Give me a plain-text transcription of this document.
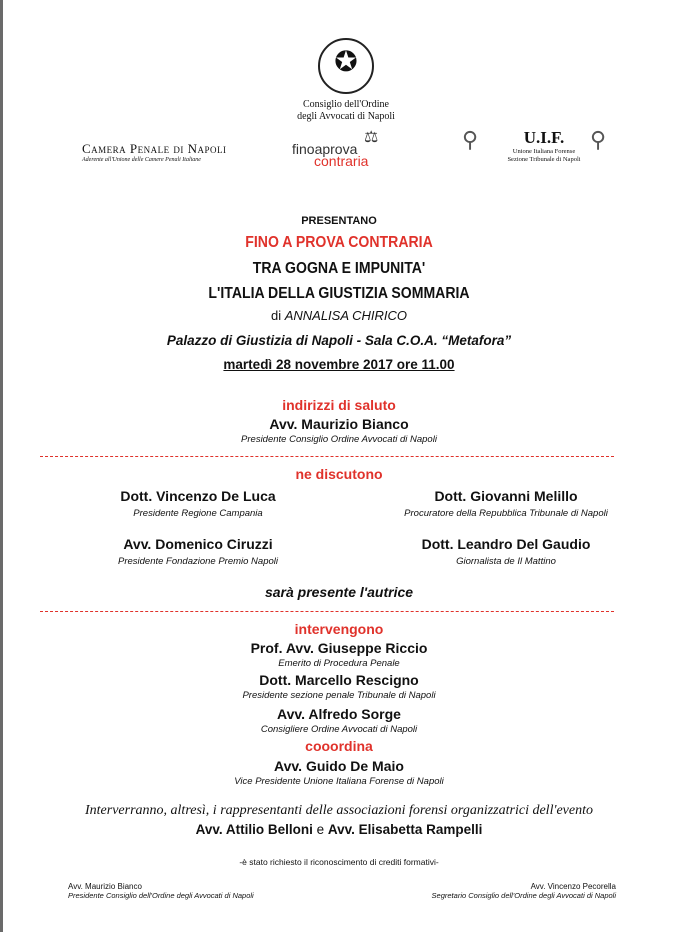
✪
Consiglio dell'Ordine
degli Avvocati di Napoli
Camera Penale di Napoli
Aderente all'Unione delle Camere Penali Italiane
⚖
finoaprova
contraria
⚲	U.I.F.
Unione Italiana Forense
Sezione Tribunale di Napoli
⚲
PRESENTANO
FINO A PROVA CONTRARIA
TRA GOGNA E IMPUNITA'
L'ITALIA DELLA GIUSTIZIA SOMMARIA
di ANNALISA CHIRICO
Palazzo di Giustizia di Napoli - Sala C.O.A. “Metafora”
martedì 28 novembre 2017 ore 11.00
indirizzi di saluto
Avv. Maurizio Bianco
Presidente Consiglio Ordine Avvocati di Napoli
ne discutono
Dott. Vincenzo De Luca
Presidente Regione Campania
Dott. Giovanni Melillo
Procuratore della Repubblica Tribunale di Napoli
Avv. Domenico Ciruzzi
Presidente Fondazione Premio Napoli
Dott. Leandro Del Gaudio
Giornalista de Il Mattino
sarà presente l'autrice
intervengono
Prof. Avv. Giuseppe Riccio
Emerito di Procedura Penale
Dott. Marcello Rescigno
Presidente sezione penale Tribunale di Napoli
Avv. Alfredo Sorge
Consigliere Ordine Avvocati di Napoli
cooordina
Avv. Guido De Maio
Vice Presidente Unione Italiana Forense di Napoli
Interverranno, altresì, i rappresentanti delle associazioni forensi organizzatrici dell'evento
Avv. Attilio Belloni e Avv. Elisabetta Rampelli
-è stato richiesto il riconoscimento di crediti formativi-
Avv. Maurizio Bianco
Presidente Consiglio dell'Ordine degli Avvocati di Napoli
Avv. Vincenzo Pecorella
Segretario Consiglio dell'Ordine degli Avvocati di Napoli
